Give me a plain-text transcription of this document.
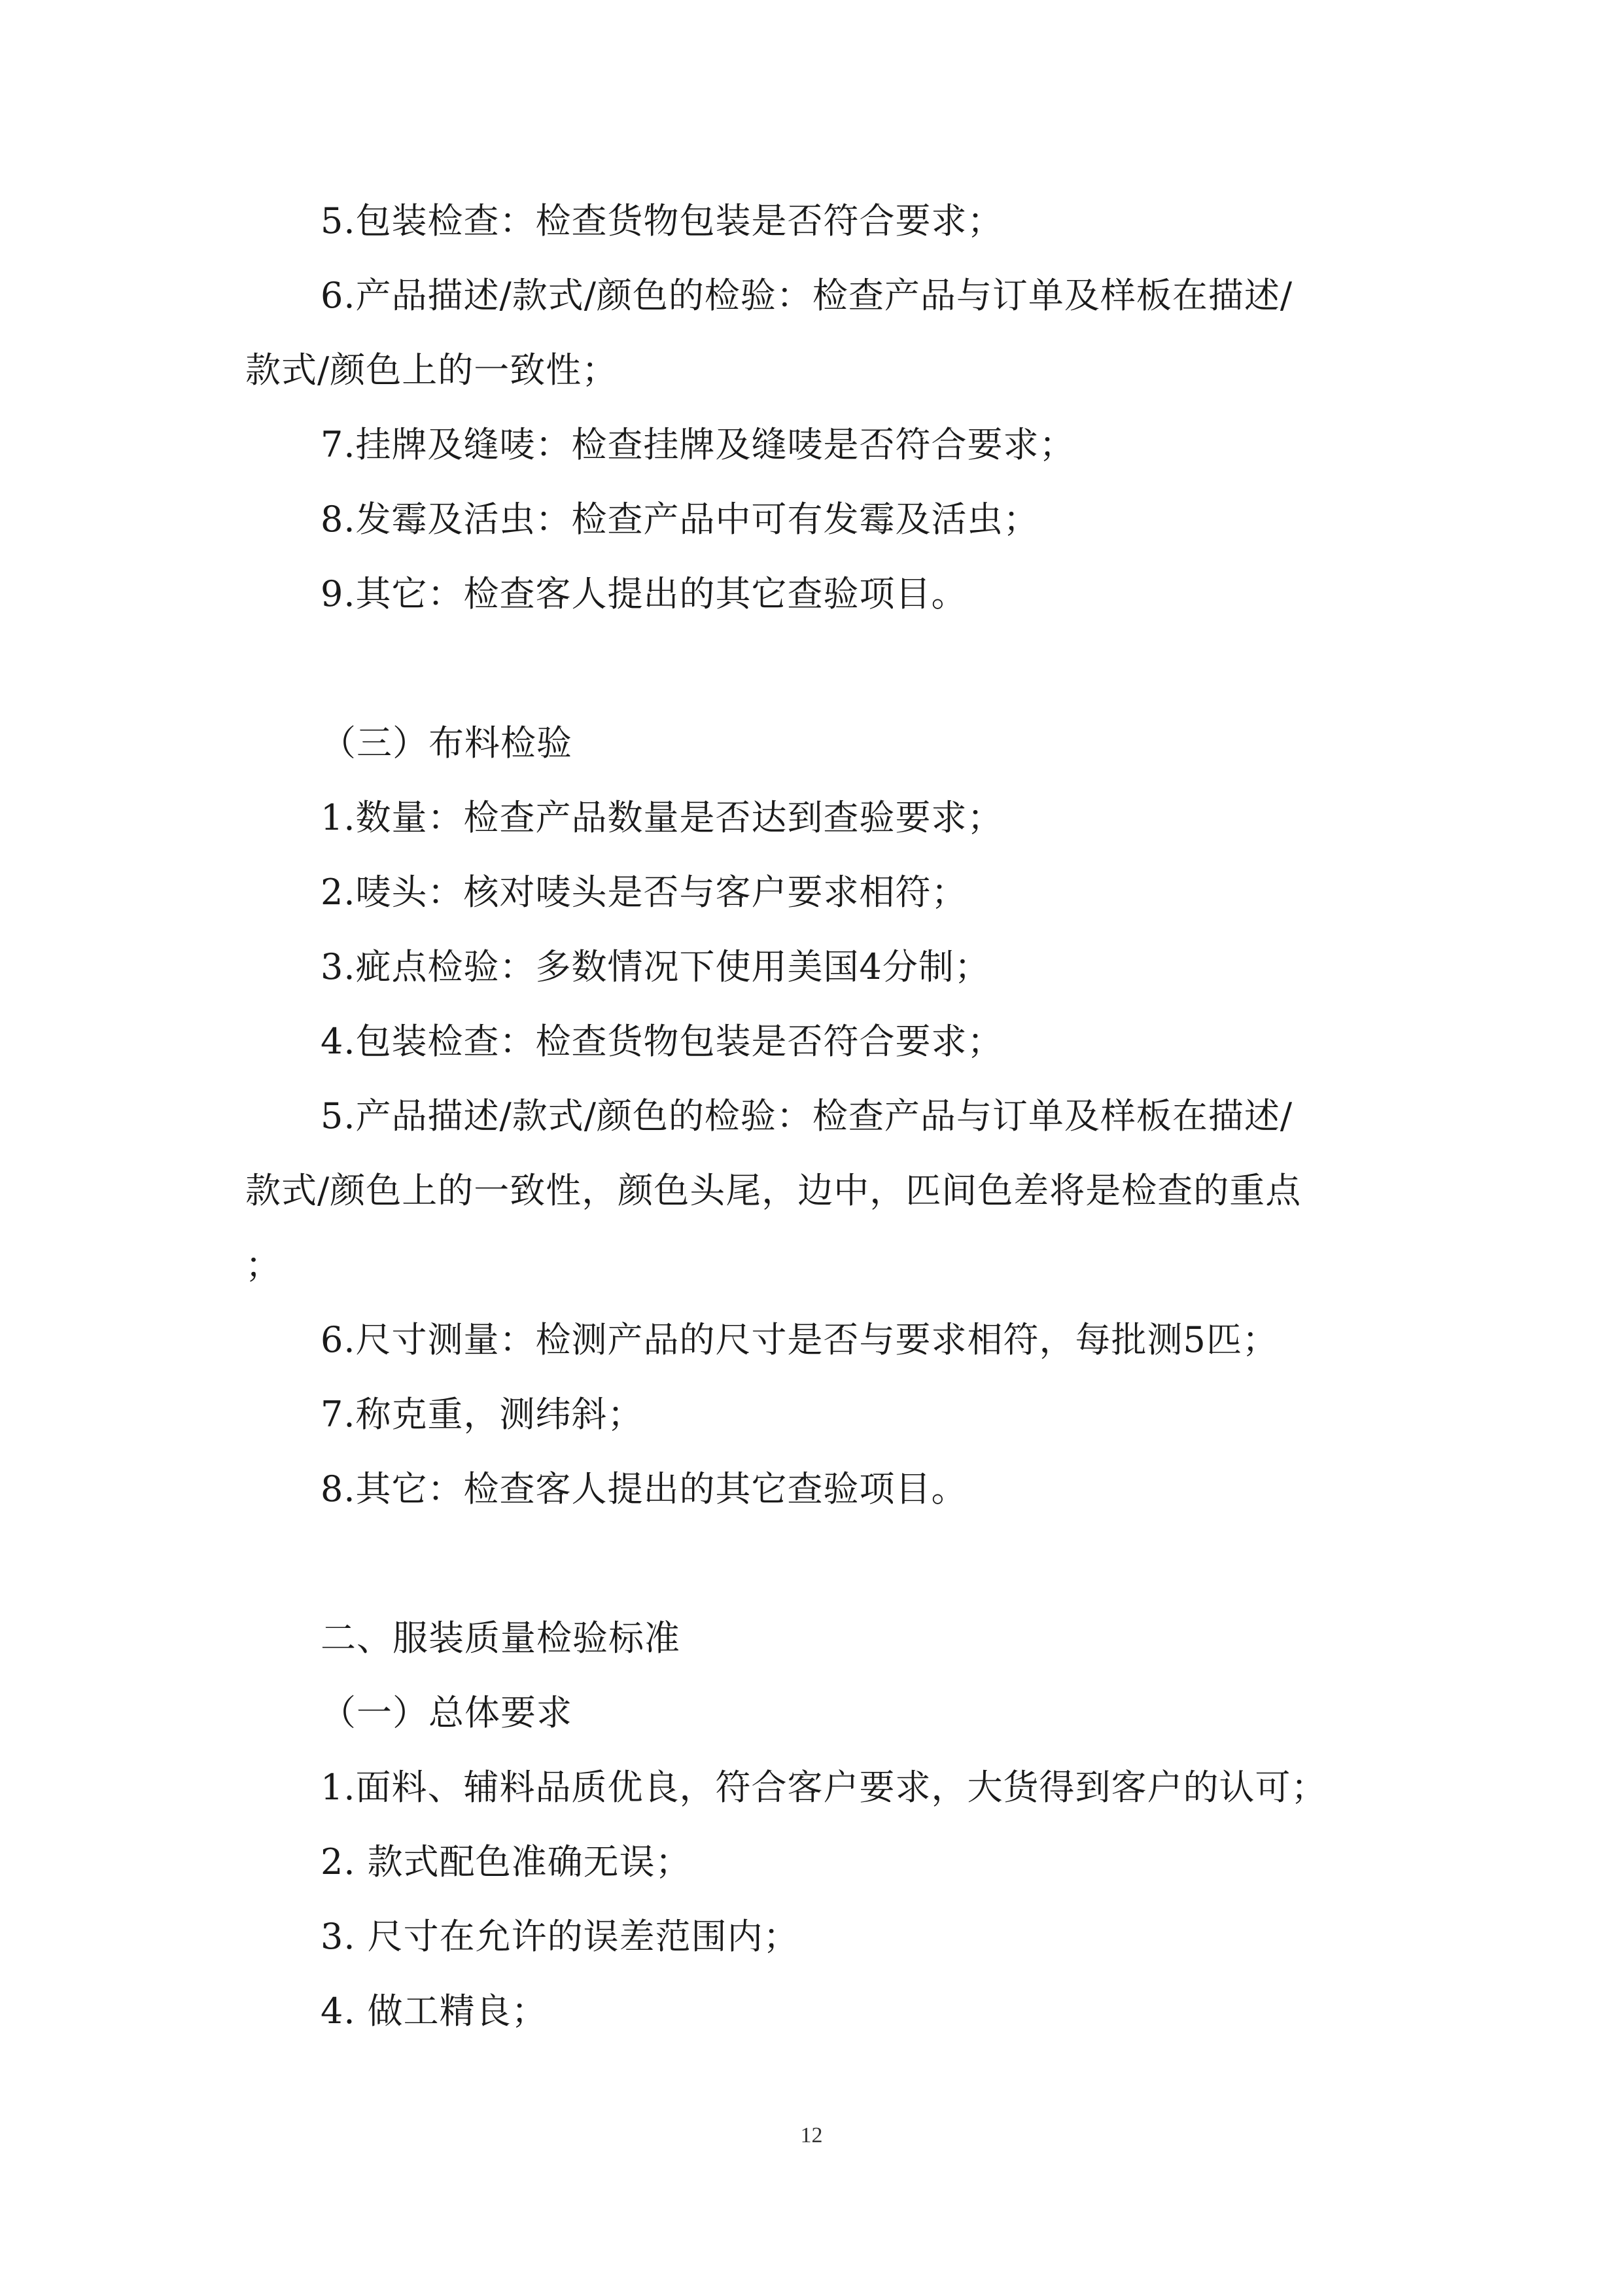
5.包装检查：检查货物包装是否符合要求；
6.产品描述/款式/颜色的检验：检查产品与订单及样板在描述/
款式/颜色上的一致性；
7.挂牌及缝唛：检查挂牌及缝唛是否符合要求；
8.发霉及活虫：检查产品中可有发霉及活虫；
9.其它：检查客人提出的其它查验项目。
（三）布料检验
1.数量：检查产品数量是否达到查验要求；
2.唛头：核对唛头是否与客户要求相符；
3.疵点检验：多数情况下使用美国4分制；
4.包装检查：检查货物包装是否符合要求；
5.产品描述/款式/颜色的检验：检查产品与订单及样板在描述/
款式/颜色上的一致性，颜色头尾，边中，匹间色差将是检查的重点
；
6.尺寸测量：检测产品的尺寸是否与要求相符，每批测5匹；
7.称克重，测纬斜；
8.其它：检查客人提出的其它查验项目。
二、服装质量检验标准
（一）总体要求
1.面料、辅料品质优良，符合客户要求，大货得到客户的认可；
2. 款式配色准确无误；
3. 尺寸在允许的误差范围内；
4. 做工精良；
12
